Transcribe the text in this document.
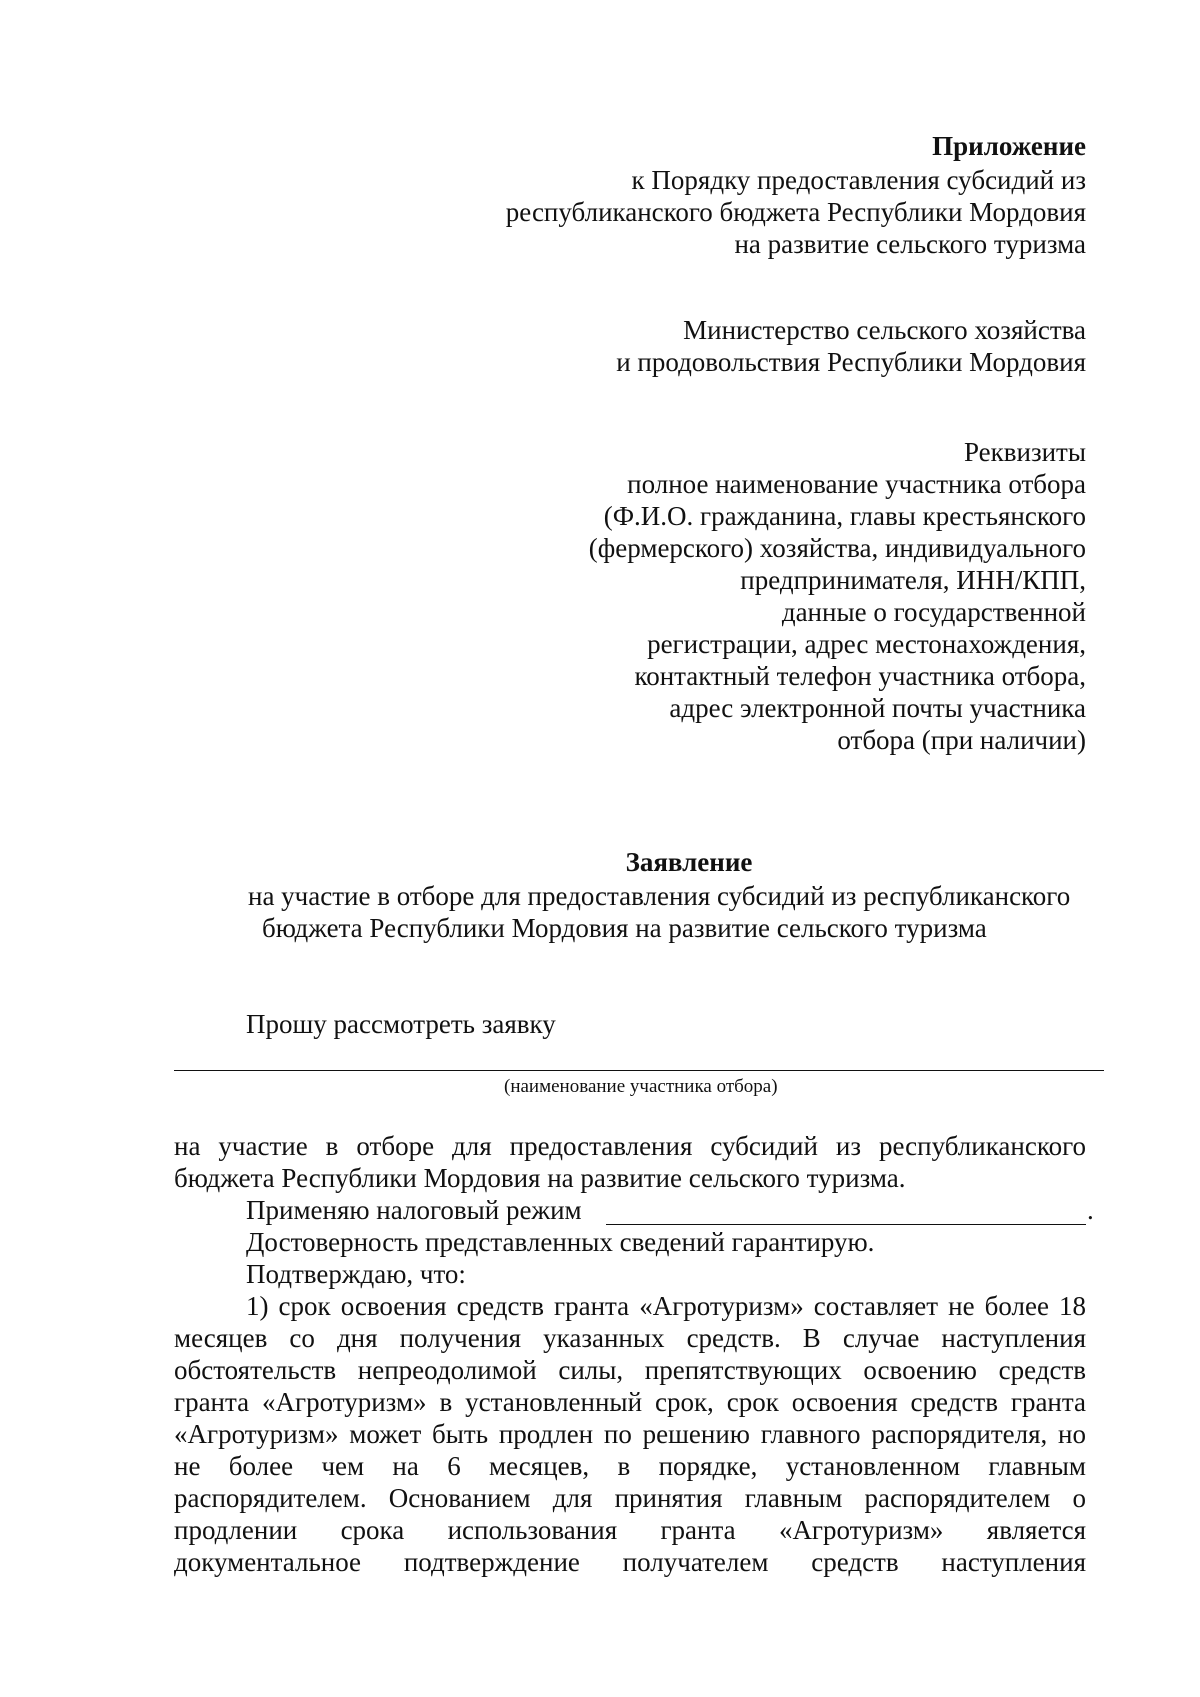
Приложение
к Порядку предоставления субсидий из
республиканского бюджета Республики Мордовия
на развитие сельского туризма
Министерство сельского хозяйства
и продовольствия Республики Мордовия
Реквизиты
полное наименование участника отбора
(Ф.И.О. гражданина, главы крестьянского
(фермерского) хозяйства, индивидуального
предпринимателя, ИНН/КПП,
данные о государственной
регистрации, адрес местонахождения,
контактный телефон участника отбора,
адрес электронной почты участника
отбора (при наличии)
Заявление
на участие в отборе для предоставления субсидий из республиканского
бюджета Республики Мордовия на развитие сельского туризма
Прошу рассмотреть заявку
(наименование участника отбора)
на участие в отборе для предоставления субсидий из республиканского
бюджета Республики Мордовия на развитие сельского туризма.
Применяю налоговый режим	.
Достоверность представленных сведений гарантирую.
Подтверждаю, что:
1) срок освоения средств гранта «Агротуризм» составляет не более 18
месяцев со дня получения указанных средств. В случае наступления
обстоятельств непреодолимой силы, препятствующих освоению средств
гранта «Агротуризм» в установленный срок, срок освоения средств гранта
«Агротуризм» может быть продлен по решению главного распорядителя, но
не более чем на 6 месяцев, в порядке, установленном главным
распорядителем. Основанием для принятия главным распорядителем о
продлении срока использования гранта «Агротуризм» является
документальное подтверждение получателем средств наступления
